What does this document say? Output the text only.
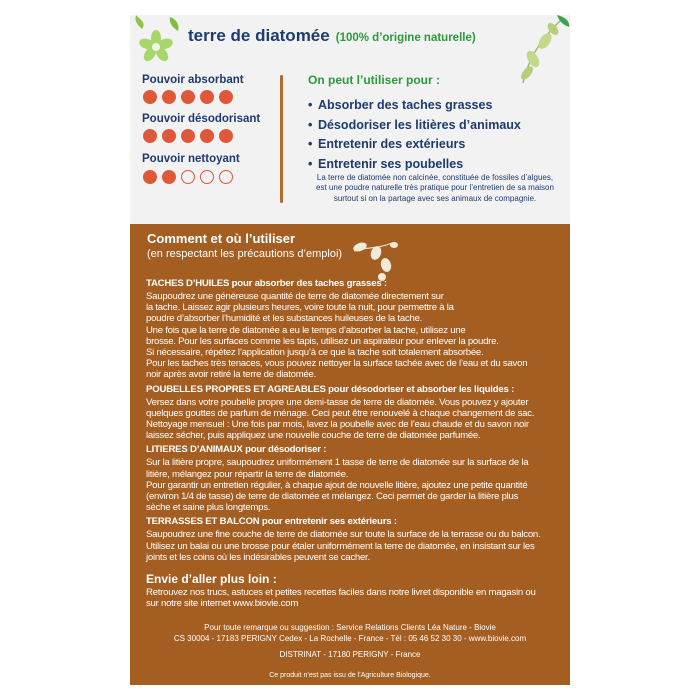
terre de diatomée (100% d’origine naturelle)
Pouvoir absorbant
Pouvoir désodorisant
Pouvoir nettoyant
On peut l’utiliser pour :
• Absorber des taches grasses
• Désodoriser les litières d’animaux
• Entretenir des extérieurs
• Entretenir ses poubelles
La terre de diatomée non calcinée, constituée de fossiles d’algues,
est une poudre naturelle très pratique pour l’entretien de sa maison
surtout si on la partage avec ses animaux de compagnie.
Comment et où l’utiliser
(en respectant les précautions d’emploi)
TACHES D’HUILES pour absorber des taches grasses :
Saupoudrez une généreuse quantité de terre de diatomée directement sur
la tache. Laissez agir plusieurs heures, voire toute la nuit, pour permettre à la
poudre d’absorber l’humidité et les substances huileuses de la tache.
Une fois que la terre de diatomée a eu le temps d’absorber la tache, utilisez une
brosse. Pour les surfaces comme les tapis, utilisez un aspirateur pour enlever la poudre.
Si nécessaire, répétez l’application jusqu’à ce que la tache soit totalement absorbée.
Pour les taches très tenaces, vous pouvez nettoyer la surface tachée avec de l’eau et du savon
noir après avoir retiré la terre de diatomée.
POUBELLES PROPRES ET AGREABLES pour désodoriser et absorber les liquides :
Versez dans votre poubelle propre une demi-tasse de terre de diatomée. Vous pouvez y ajouter
quelques gouttes de parfum de ménage. Ceci peut être renouvelé à chaque changement de sac.
Nettoyage mensuel : Une fois par mois, lavez la poubelle avec de l’eau chaude et du savon noir
laissez sécher, puis appliquez une nouvelle couche de terre de diatomée parfumée.
LITIERES D’ANIMAUX pour désodoriser :
Sur la litière propre, saupoudrez uniformément 1 tasse de terre de diatomée sur la surface de la
litière, mélangez pour répartir la terre de diatomée.
Pour garantir un entretien régulier, à chaque ajout de nouvelle litière, ajoutez une petite quantité
(environ 1/4 de tasse) de terre de diatomée et mélangez. Ceci permet de garder la litière plus
sèche et saine plus longtemps.
TERRASSES ET BALCON pour entretenir ses extérieurs :
Saupoudrez une fine couche de terre de diatomée sur toute la surface de la terrasse ou du balcon.
Utilisez un balai ou une brosse pour étaler uniformément la terre de diatomée, en insistant sur les
joints et les coins où les indésirables peuvent se cacher.
Envie d’aller plus loin :
Retrouvez nos trucs, astuces et petites recettes faciles dans notre livret disponible en magasin ou
sur notre site internet www.biovie.com
Pour toute remarque ou suggestion : Service Relations Clients Léa Nature - Biovie
CS 30004 - 17183 PERIGNY Cedex - La Rochelle - France - Tél : 05 46 52 30 30 - www.biovie.com
DISTRINAT - 17180 PERIGNY - France
Ce produit n’est pas issu de l’Agriculture Biologique.
